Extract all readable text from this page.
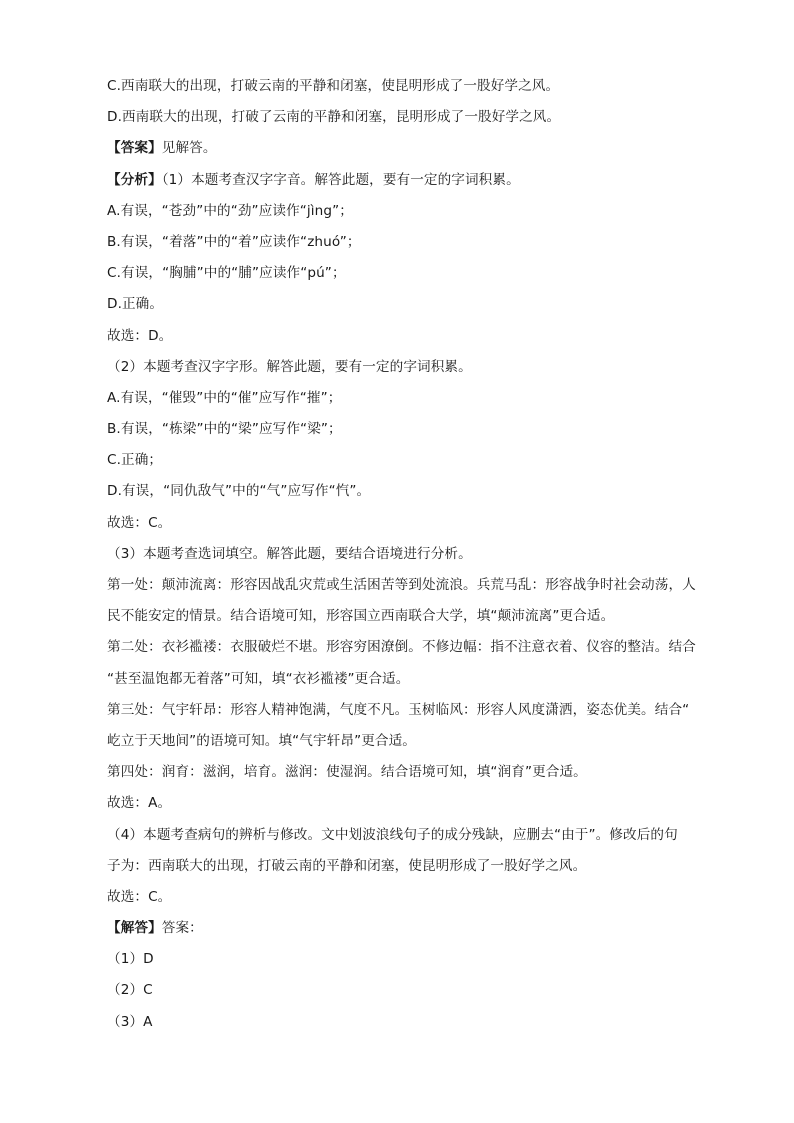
C.西南联大的出现，打破云南的平静和闭塞，使昆明形成了一股好学之风。
D.西南联大的出现，打破了云南的平静和闭塞，昆明形成了一股好学之风。
【答案】见解答。
【分析】（1）本题考查汉字字音。解答此题，要有一定的字词积累。
A.有误，“苍劲”中的“劲”应读作“jìng”；
B.有误，“着落”中的“着”应读作“zhuó”；
C.有误，“胸脯”中的“脯”应读作“pú”；
D.正确。
故选：D。
（2）本题考查汉字字形。解答此题，要有一定的字词积累。
A.有误，“催毁”中的“催”应写作“摧”；
B.有误，“栋梁”中的“梁”应写作“梁”；
C.正确；
D.有误，“同仇敌气”中的“气”应写作“忾”。
故选：C。
（3）本题考查选词填空。解答此题，要结合语境进行分析。
第一处：颠沛流离：形容因战乱灾荒或生活困苦等到处流浪。兵荒马乱：形容战争时社会动荡，人
民不能安定的情景。结合语境可知，形容国立西南联合大学，填“颠沛流离”更合适。
第二处：衣衫褴褛：衣服破烂不堪。形容穷困潦倒。不修边幅：指不注意衣着、仪容的整洁。结合
“甚至温饱都无着落”可知，填“衣衫褴褛”更合适。
第三处：气宇轩昂：形容人精神饱满，气度不凡。玉树临风：形容人风度潇洒，姿态优美。结合“
屹立于天地间”的语境可知。填“气宇轩昂”更合适。
第四处：润育：滋润，培育。滋润：使湿润。结合语境可知，填“润育”更合适。
故选：A。
（4）本题考查病句的辨析与修改。文中划波浪线句子的成分残缺，应删去“由于”。修改后的句
子为：西南联大的出现，打破云南的平静和闭塞，使昆明形成了一股好学之风。
故选：C。
【解答】答案：
（1）D
（2）C
（3）A
